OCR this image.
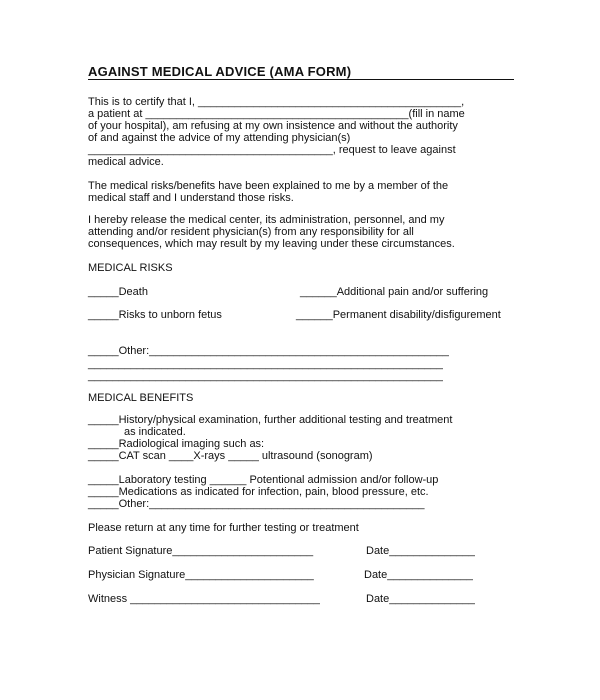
AGAINST MEDICAL ADVICE (AMA FORM)
This is to certify that I, ___________________________________________,
a patient at ___________________________________________(fill in name
of your hospital), am refusing at my own insistence and without the authority
of and against the advice of my attending physician(s)
________________________________________, request to leave against
medical advice.
The medical risks/benefits have been explained to me by a member of the
medical staff and I understand those risks.
I hereby release the medical center, its administration, personnel, and my
attending and/or resident physician(s) from any responsibility for all
consequences, which may result by my leaving under these circumstances.
MEDICAL RISKS
_____Death	______Additional pain and/or suffering
_____Risks to unborn fetus	______Permanent disability/disfigurement
_____Other:_________________________________________________
__________________________________________________________
__________________________________________________________
MEDICAL BENEFITS
_____History/physical examination, further additional testing and treatment
as indicated.
_____Radiological imaging such as:
_____CAT scan ____X-rays _____ ultrasound (sonogram)
_____Laboratory testing ______ Potentional admission and/or follow-up
_____Medications as indicated for infection, pain, blood pressure, etc.
_____Other:_____________________________________________
Please return at any time for further testing or treatment
Patient Signature_______________________	Date______________
Physician Signature_____________________	Date______________
Witness _______________________________	Date______________
